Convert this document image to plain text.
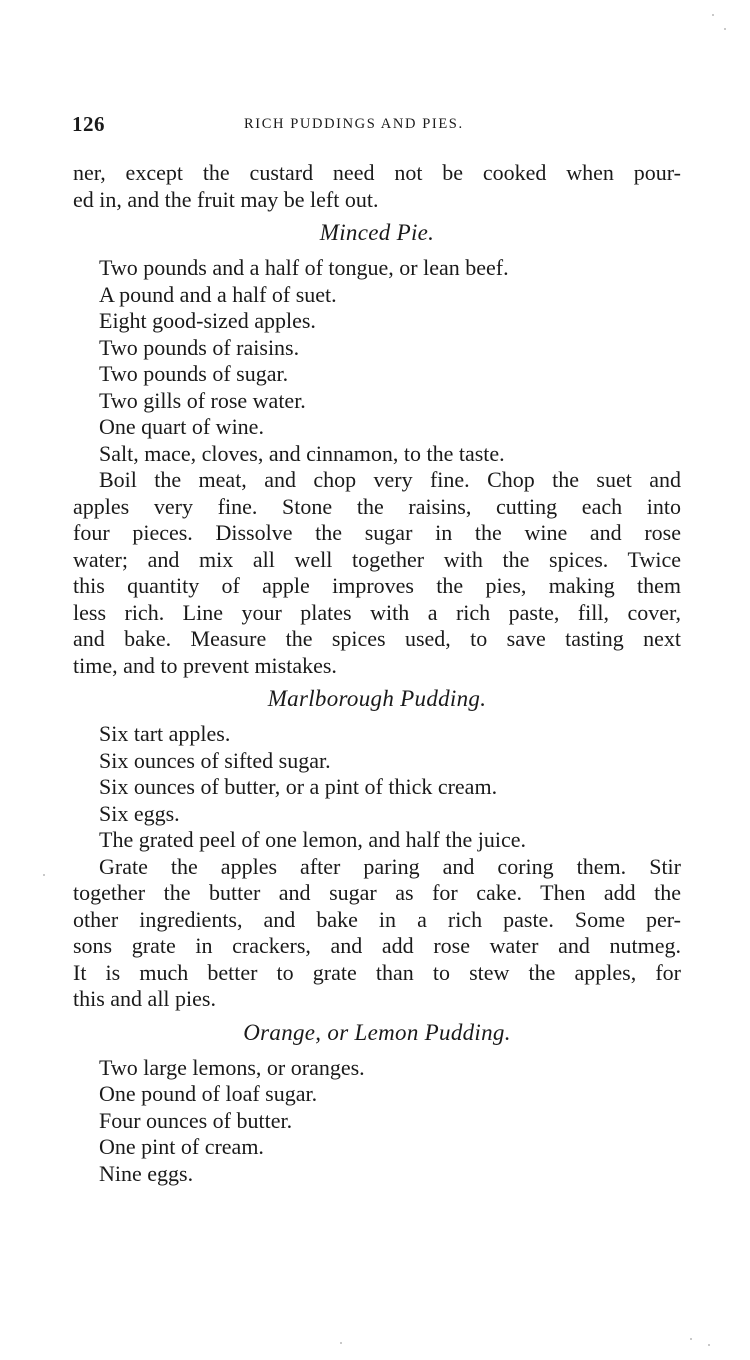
126	RICH PUDDINGS AND PIES.
ner, except the custard need not be cooked when pour-
ed in, and the fruit may be left out.
Minced Pie.
Two pounds and a half of tongue, or lean beef.
A pound and a half of suet.
Eight good-sized apples.
Two pounds of raisins.
Two pounds of sugar.
Two gills of rose water.
One quart of wine.
Salt, mace, cloves, and cinnamon, to the taste.
Boil the meat, and chop very fine. Chop the suet and
apples very fine. Stone the raisins, cutting each into
four pieces. Dissolve the sugar in the wine and rose
water; and mix all well together with the spices. Twice
this quantity of apple improves the pies, making them
less rich. Line your plates with a rich paste, fill, cover,
and bake. Measure the spices used, to save tasting next
time, and to prevent mistakes.
Marlborough Pudding.
Six tart apples.
Six ounces of sifted sugar.
Six ounces of butter, or a pint of thick cream.
Six eggs.
The grated peel of one lemon, and half the juice.
Grate the apples after paring and coring them. Stir
together the butter and sugar as for cake. Then add the
other ingredients, and bake in a rich paste. Some per-
sons grate in crackers, and add rose water and nutmeg.
It is much better to grate than to stew the apples, for
this and all pies.
Orange, or Lemon Pudding.
Two large lemons, or oranges.
One pound of loaf sugar.
Four ounces of butter.
One pint of cream.
Nine eggs.
